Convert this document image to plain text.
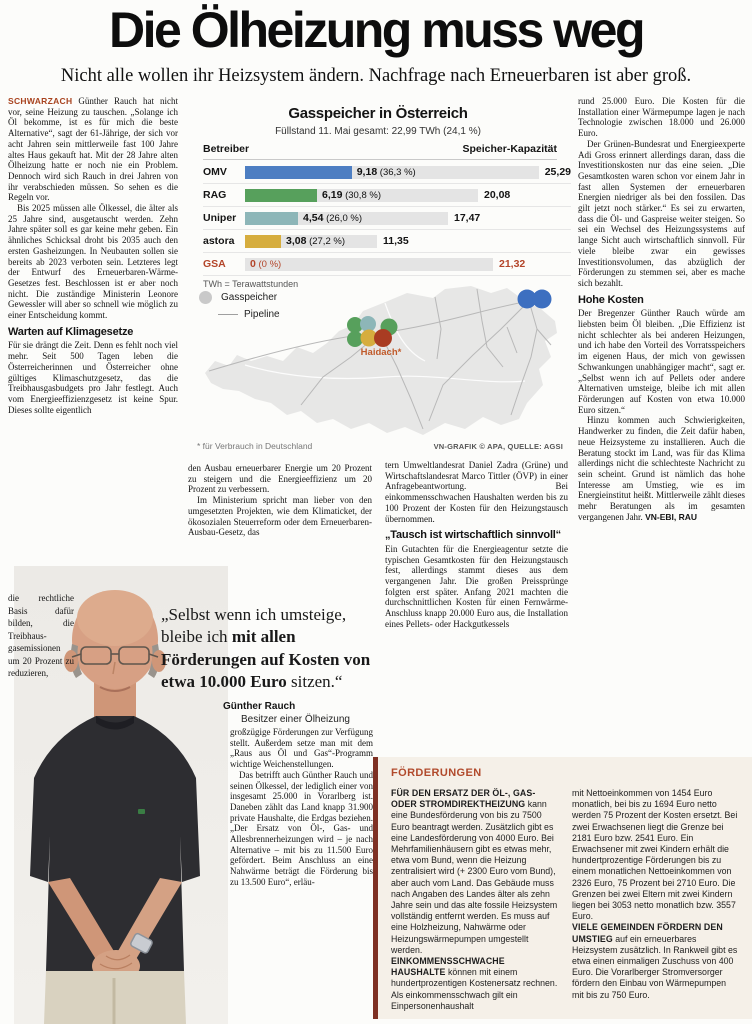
Die Ölheizung muss weg
Nicht alle wollen ihr Heizsystem ändern. Nachfrage nach Erneuerbaren ist aber groß.

SCHWARZACH Günther Rauch hat nicht vor, seine Heizung zu tauschen. „Solange ich Öl bekomme, ist es für mich die beste Alternative“, sagt der 61-Jährige, der sich vor acht Jahren sein mittlerweile fast 100 Jahre altes Haus gekauft hat. Mit der 28 Jahre alten Ölheizung hatte er noch nie ein Problem. Dennoch wird sich Rauch in drei Jahren von ihr verabschieden müssen. So sehen es die Regeln vor.

Bis 2025 müssen alle Ölkessel, die älter als 25 Jahre sind, ausgetauscht werden. Zehn Jahre später soll es gar keine mehr geben. Ein ähnliches Schicksal droht bis 2035 auch den ersten Gasheizungen. In Neubauten sollen sie bereits ab 2023 verboten sein. Letzteres legt der Entwurf des Erneuerbaren-Wärme-Gesetzes fest. Beschlossen ist er aber noch nicht. Die zuständige Ministerin Leonore Gewessler will aber so schnell wie möglich zu einer Entscheidung kommt.

Warten auf Klimagesetze

Für sie drängt die Zeit. Denn es fehlt noch viel mehr. Seit 500 Tagen leben die Österreicherinnen und Österreicher ohne gültiges Klimaschutzgesetz, das die Treibhausgasbudgets pro Jahr festlegt. Auch vom Energieeffizienzgesetz ist keine Spur. Dieses sollte eigentlich

die rechtliche Basis dafür bilden, die Treibhausgasemissionen um 20 Prozent zu reduzieren,
Gasspeicher in Österreich
Füllstand 11. Mai gesamt: 22,99 TWh (24,1 %)
Betreiber	Speicher-Kapazität
OMV	9,18 (36,3 %)	25,29
RAG	6,19 (30,8 %)	20,08
Uniper	4,54 (26,0 %)	17,47
astora	3,08 (27,2 %)	11,35
GSA	0 (0 %)	21,32
TWh = Terawattstunden
Haidach*
Gasspeicher
Pipeline
* für Verbrauch in Deutschland	VN-GRAFIK © APA, QUELLE: AGSI

rund 25.000 Euro. Die Kosten für die Installation einer Wärmepumpe lagen je nach Technologie zwischen 18.000 und 26.000 Euro.

Der Grünen-Bundesrat und Energieexperte Adi Gross erinnert allerdings daran, dass die Investitionskosten nur das eine seien. „Die Gesamtkosten waren schon vor einem Jahr in fast allen Systemen der erneuerbaren Energien niedriger als bei den fossilen. Das gilt jetzt noch stärker.“ Es sei zu erwarten, dass die Öl- und Gaspreise weiter steigen. So sei ein Wechsel des Heizungssystems auf lange Sicht auch wirtschaftlich sinnvoll. Für viele bleibe zwar ein gewisses Investitionsvolumen, das abzüglich der Förderungen zu stemmen sei, aber es mache sich bezahlt.

Hohe Kosten

Der Bregenzer Günther Rauch würde am liebsten beim Öl bleiben. „Die Effizienz ist nicht schlechter als bei anderen Heizungen, und ich habe den Vorteil des Vorratsspeichers im eigenen Haus, der mich von gewissen Schwankungen unabhängiger macht“, sagt er. „Selbst wenn ich auf Pellets oder andere Alternativen umsteige, bleibe ich mit allen Förderungen auf Kosten von etwa 10.000 Euro sitzen.“

Hinzu kommen auch Schwierigkeiten, Handwerker zu finden, die Zeit dafür haben, neue Heizsysteme zu installieren. Auch die Beratung stockt im Land, was für das Klima allerdings nicht die schlechteste Nachricht zu sein scheint. Grund ist nämlich das hohe Interesse am Umstieg, wie es im Energieinstitut heißt. Mittlerweile zählt dieses mehr Beratungen als im gesamten vergangenen Jahr. VN-EBI, RAU

den Ausbau erneuerbarer Energie um 20 Prozent zu steigern und die Energieeffizienz um 20 Prozent zu verbessern.

Im Ministerium spricht man lieber von den umgesetzten Projekten, wie dem Klimaticket, der ökosozialen Steuerreform oder dem Erneuerbaren-Ausbau-Gesetz, das

tern Umweltlandesrat Daniel Zadra (Grüne) und Wirtschaftslandesrat Marco Tittler (ÖVP) in einer Anfragebeantwortung. Bei einkommensschwachen Haushalten werden bis zu 100 Prozent der Kosten für den Heizungstausch übernommen.

„Tausch ist wirtschaftlich sinnvoll“

Ein Gutachten für die Energieagentur setzte die typischen Gesamtkosten für den Heizungstausch fest, allerdings stammt dieses aus dem vergangenen Jahr. Die großen Preissprünge folgten erst später. Anfang 2021 machten die durchschnittlichen Kosten für einen Fernwärme-Anschluss knapp 20.000 Euro aus, die Installation eines Pellets- oder Hackgutkessels

„Selbst wenn ich umsteige, bleibe ich mit allen Förderungen auf Kosten von etwa 10.000 Euro sitzen.“

Günther Rauch
Besitzer einer Ölheizung

großzügige Förderungen zur Verfügung stellt. Außerdem setze man mit dem „Raus aus Öl und Gas“-Programm wichtige Weichenstellungen.

Das betrifft auch Günther Rauch und seinen Ölkessel, der lediglich einer von insgesamt 25.000 in Vorarlberg ist. Daneben zählt das Land knapp 31.900 private Haushalte, die Erdgas beziehen. „Der Ersatz von Öl-, Gas- und Allesbrennerheizungen wird – je nach Alternative – mit bis zu 11.500 Euro gefördert. Beim Anschluss an eine Nahwärme beträgt die Förderung bis zu 13.500 Euro“, erläu-

FÖRDERUNGEN

FÜR DEN ERSATZ DER ÖL-, GAS- ODER STROMDIREKTHEIZUNG kann eine Bundesförderung von bis zu 7500 Euro beantragt werden. Zusätzlich gibt es eine Landesförderung von 4000 Euro. Bei Mehrfamilienhäusern gibt es etwas mehr, etwa vom Bund, wenn die Heizung zentralisiert wird (+ 2300 Euro vom Bund), aber auch vom Land. Das Gebäude muss nach Angaben des Landes älter als zehn Jahre sein und das alte fossile Heizsystem vollständig entfernt werden. Es muss auf eine Holzheizung, Nahwärme oder Heizungswärmepumpen umgestellt werden.

EINKOMMENSSCHWACHE HAUSHALTE können mit einem hundertprozentigen Kostenersatz rechnen. Als einkommensschwach gilt ein Einpersonenhaushalt

mit Nettoeinkommen von 1454 Euro monatlich, bei bis zu 1694 Euro netto werden 75 Prozent der Kosten ersetzt. Bei zwei Erwachsenen liegt die Grenze bei 2181 Euro bzw. 2541 Euro. Ein Erwachsener mit zwei Kindern erhält die hundertprozentige Förderungen bis zu einem monatlichen Nettoeinkommen von 2326 Euro, 75 Prozent bei 2710 Euro. Die Grenzen bei zwei Eltern mit zwei Kindern liegen bei 3053 netto monatlich bzw. 3557 Euro.

VIELE GEMEINDEN FÖRDERN DEN UMSTIEG auf ein erneuerbares Heizsystem zusätzlich. In Rankweil gibt es etwa einen einmaligen Zuschuss von 400 Euro. Die Vorarlberger Stromversorger fördern den Einbau von Wärmepumpen mit bis zu 750 Euro.
